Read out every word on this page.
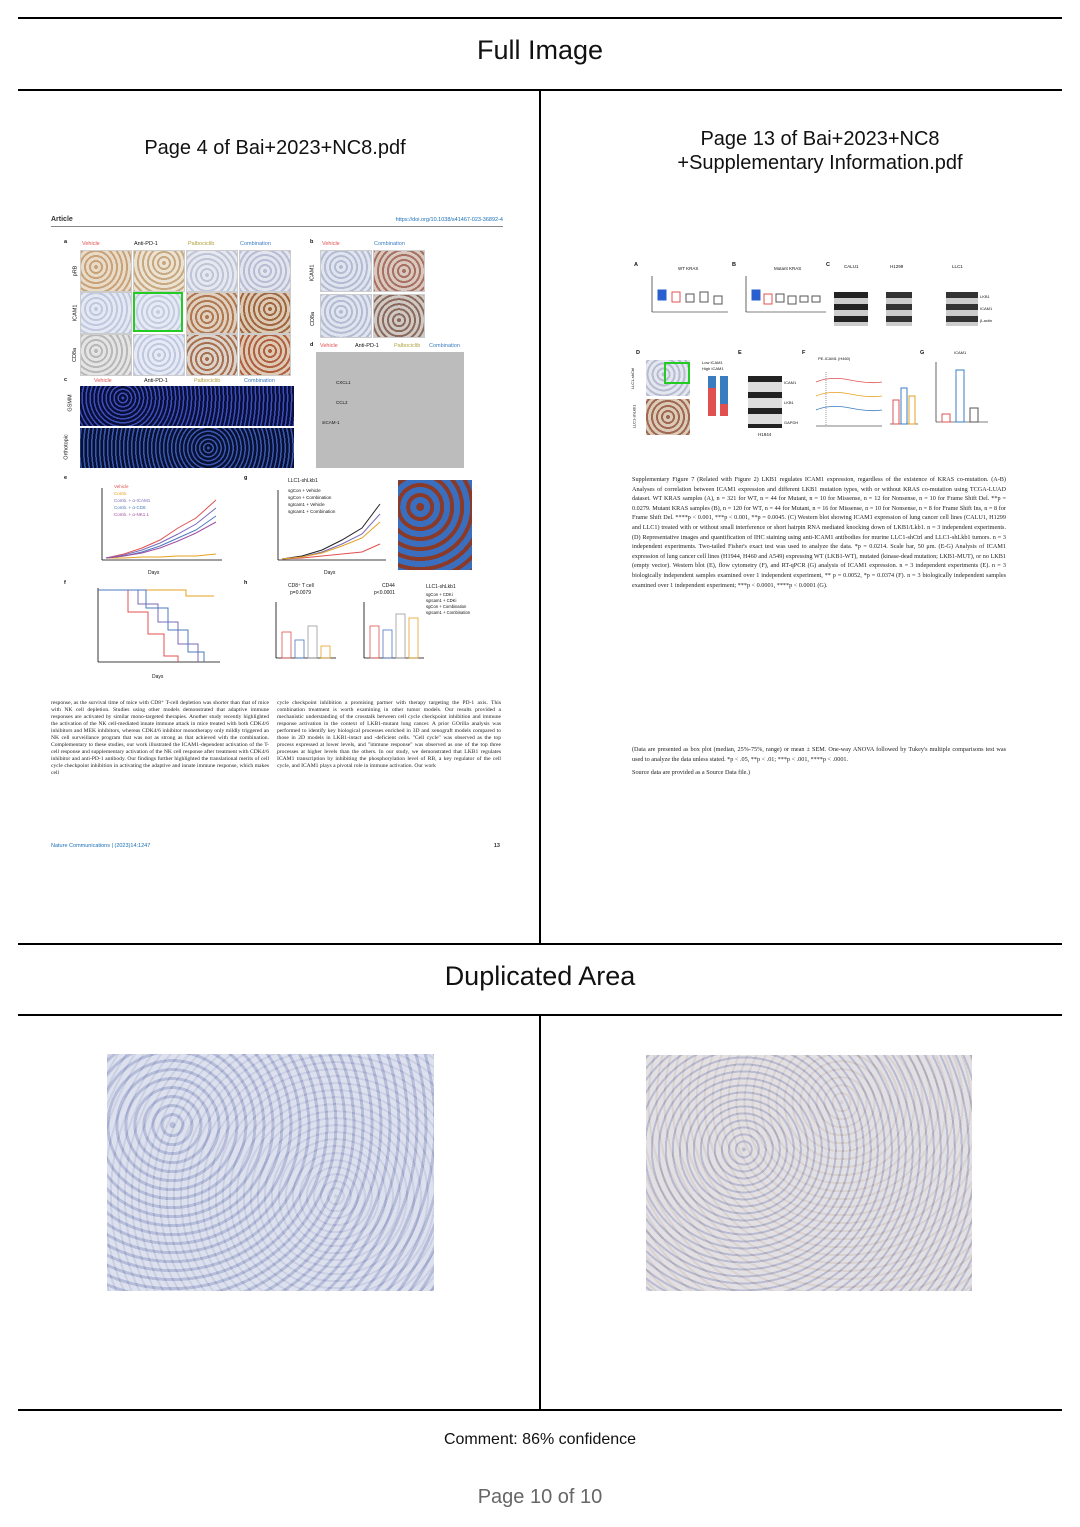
Full Image
Duplicated Area
Page 4 of Bai+2023+NC8.pdf
Article	https://doi.org/10.1038/s41467-023-36892-4
a	Vehicle	Anti-PD-1	Palbociclib	Combination
pRB
ICAM1
CD8a
b Vehicle	Combination
ICAM1
CD8a
c	Vehicle	Anti-PD-1	Palbociclib	Combination
GSMM
Orthotopic
d Vehicle	Anti-PD-1	Palbociclib Combination
CXCL1
CCL2
sICAM-1
e
Vehicle
Comb.
Comb. + α-ICAM1
Comb. + α-CD8
Comb. + α-NK1.1
Days
g	LLC1-shLkb1
sgCon + Vehicle
sgCon + Combination
sgIcam1 + Vehicle
sgIcam1 + Combination
Days
f
Days
h	CD8⁺ T cell
p=0.0079
CD44
p<0.0001
LLC1-shLkb1
sgCon + CDKi
sgIcam1 + CDKi
sgCon + Combination
sgIcam1 + Combination
response, as the survival time of mice with CD8⁺ T-cell depletion was shorter than that of mice with NK cell depletion. Studies using other models demonstrated that adaptive immune responses are activated by similar mono-targeted therapies. Another study recently highlighted the activation of the NK cell-mediated innate immune attack in mice treated with both CDK4/6 inhibitors and MEK inhibitors, whereas CDK4/6 inhibitor monotherapy only mildly triggered an NK cell surveillance program that was not as strong as that achieved with the combination. Complementary to these studies, our work illustrated the ICAM1-dependent activation of the T-cell response and supplementary activation of the NK cell response after treatment with CDK4/6 inhibitor and anti-PD-1 antibody. Our findings further highlighted the translational merits of cell cycle checkpoint inhibition in activating the adaptive and innate immune response, which makes cell
cycle checkpoint inhibition a promising partner with therapy targeting the PD-1 axis. This combination treatment is worth examining in other tumor models. Our results provided a mechanistic understanding of the crosstalk between cell cycle checkpoint inhibition and immune response activation in the context of LKB1-mutant lung cancer. A prior GOrilla analysis was performed to identify key biological processes enriched in 3D and xenograft models compared to those in 2D models in LKB1-intact and -deficient cells. "Cell cycle" was observed as the top process expressed at lower levels, and "immune response" was observed as one of the top three processes at higher levels than the others. In our study, we demonstrated that LKB1 regulates ICAM1 transcription by inhibiting the phosphorylation level of RB, a key regulator of the cell cycle, and ICAM1 plays a pivotal role in immune activation. Our work
Nature Communications | (2023)14:1247	13
Page 13 of Bai+2023+NC8
+Supplementary Information.pdf
A	B	C
D	E	F	G
WT KRAS	Mutant KRAS	CALU1	H1299	LLC1
LKB1
ICAM1
β-actin
LLC1-shCtrl
LLC1-shLkb1
Low ICAM1
High ICAM1
ICAM1
LKB1
GAPDH
H1944
PE-ICAM1 (H460)
ICAM1
Supplementary Figure 7 (Related with Figure 2) LKB1 regulates ICAM1 expression, regardless of the existence of KRAS co-mutation. (A-B) Analyses of correlation between ICAM1 expression and different LKB1 mutation types, with or without KRAS co-mutation using TCGA-LUAD dataset. WT KRAS samples (A), n = 321 for WT, n = 44 for Mutant, n = 10 for Missense, n = 12 for Nonsense, n = 10 for Frame Shift Del. **p = 0.0279. Mutant KRAS samples (B), n = 120 for WT, n = 44 for Mutant, n = 16 for Missense, n = 10 for Nonsense, n = 8 for Frame Shift Ins, n = 8 for Frame Shift Del. ****p < 0.001, ***p < 0.001, **p = 0.0045. (C) Western blot showing ICAM1 expression of lung cancer cell lines (CALU1, H1299 and LLC1) treated with or without small interference or short hairpin RNA mediated knocking down of LKB1/Lkb1. n = 3 independent experiments. (D) Representative images and quantification of IHC staining using anti-ICAM1 antibodies for murine LLC1-shCtrl and LLC1-shLkb1 tumors. n = 3 independent experiments. Two-tailed Fisher's exact test was used to analyze the data. *p = 0.0214. Scale bar, 50 μm. (E-G) Analysis of ICAM1 expression of lung cancer cell lines (H1944, H460 and A549) expressing WT (LKB1-WT), mutated (kinase-dead mutation; LKB1-MUT), or no LKB1 (empty vector). Western blot (E), flow cytometry (F), and RT-qPCR (G) analysis of ICAM1 expression. n = 3 independent experiments (E). n = 3 biologically independent samples examined over 1 independent experiment, ** p = 0.0052, *p = 0.0374 (F). n = 3 biologically independent samples examined over 1 independent experiment; ***p < 0.0001, ****p < 0.0001 (G).
(Data are presented as box plot (median, 25%-75%, range) or mean ± SEM. One-way ANOVA followed by Tukey's multiple comparisons test was used to analyze the data unless stated. *p < .05, **p < .01; ***p < .001, ****p < .0001.
Source data are provided as a Source Data file.)
Comment: 86% confidence
Page 10 of 10
